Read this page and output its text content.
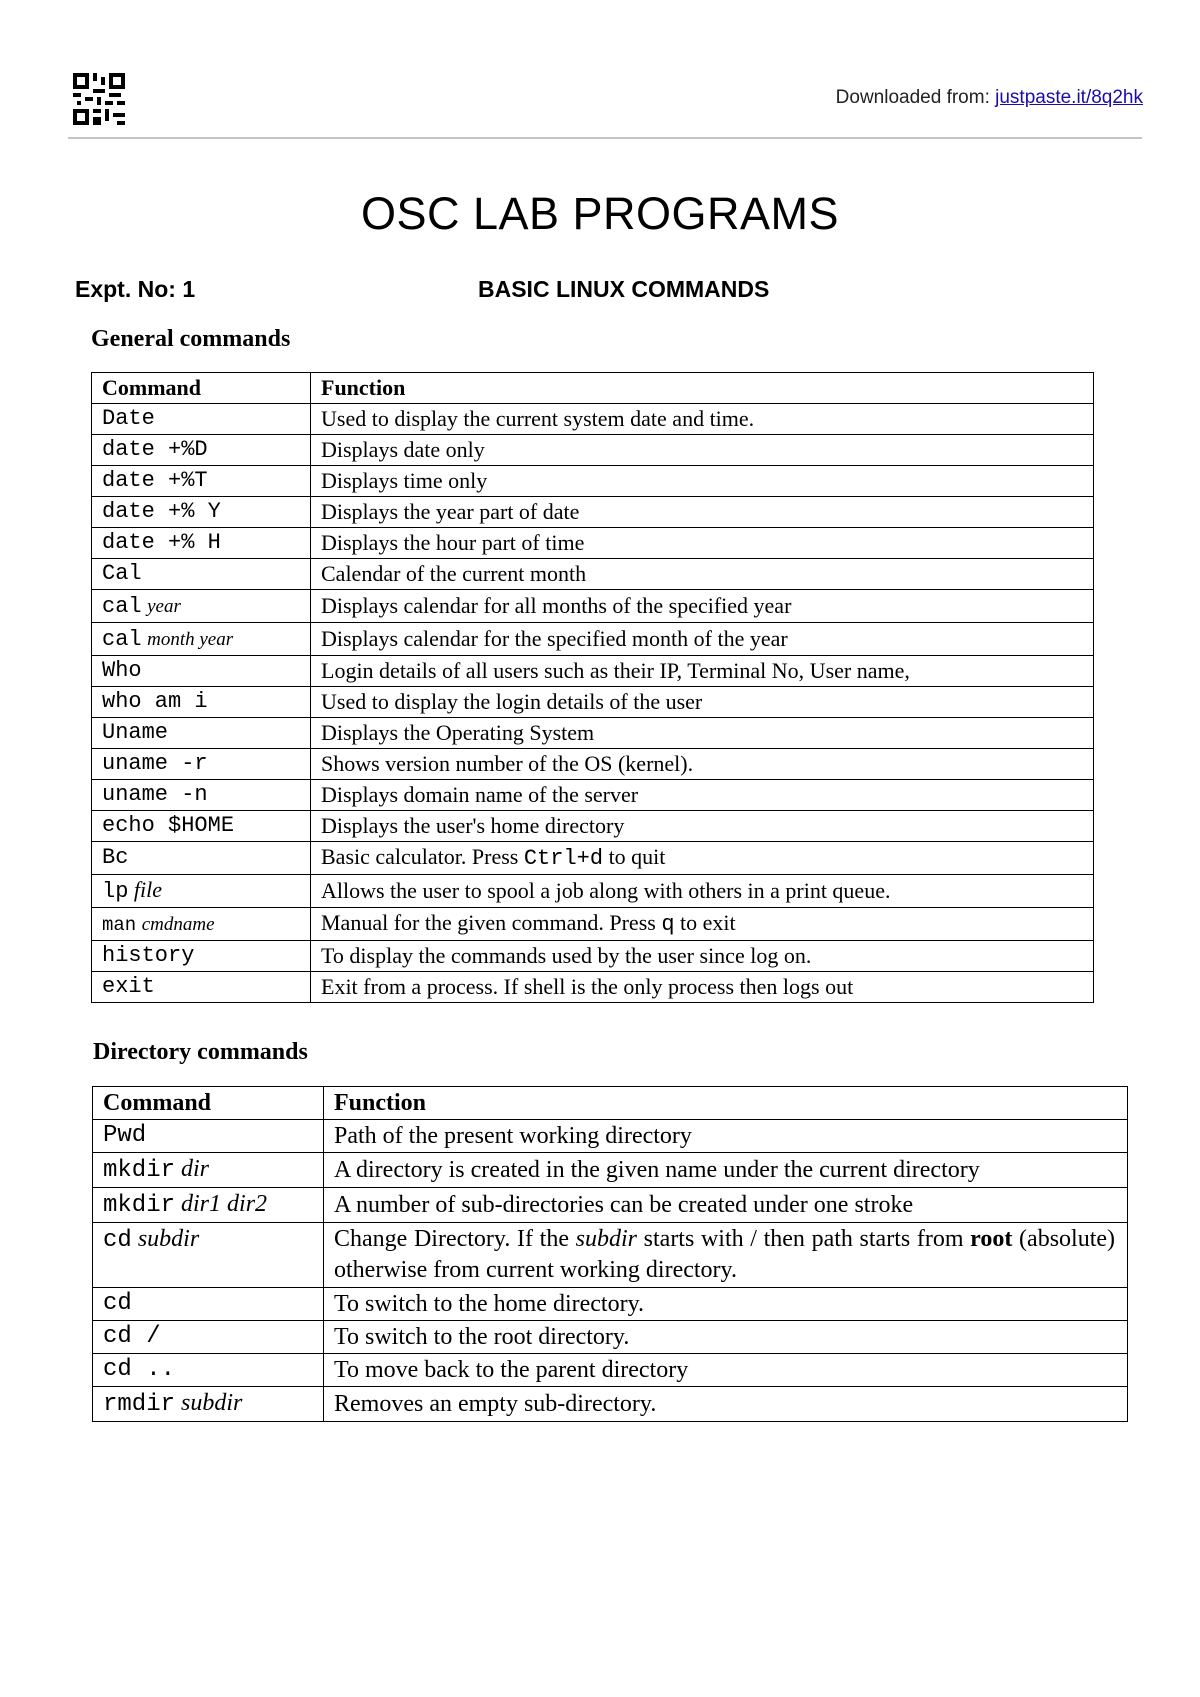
Downloaded from: justpaste.it/8q2hk
OSC LAB PROGRAMS
Expt. No: 1	BASIC LINUX COMMANDS
General commands
Command	Function
Date	Used to display the current system date and time.
date +%D	Displays date only
date +%T	Displays time only
date +% Y	Displays the year part of date
date +% H	Displays the hour part of time
Cal	Calendar of the current month
cal year	Displays calendar for all months of the specified year
cal month year	Displays calendar for the specified month of the year
Who	Login details of all users such as their IP, Terminal No, User name,
who am i	Used to display the login details of the user
Uname	Displays the Operating System
uname -r	Shows version number of the OS (kernel).
uname -n	Displays domain name of the server
echo $HOME	Displays the user's home directory
Bc	Basic calculator. Press Ctrl+d to quit
lp file	Allows the user to spool a job along with others in a print queue.
man cmdname	Manual for the given command. Press q to exit
history	To display the commands used by the user since log on.
exit	Exit from a process. If shell is the only process then logs out
Directory commands
Command	Function
Pwd	Path of the present working directory
mkdir dir	A directory is created in the given name under the current directory
mkdir dir1 dir2	A number of sub-directories can be created under one stroke
cd subdir	Change Directory. If the subdir starts with / then path starts from root (absolute) otherwise from current working directory.
cd	To switch to the home directory.
cd /	To switch to the root directory.
cd ..	To move back to the parent directory
rmdir subdir	Removes an empty sub-directory.
